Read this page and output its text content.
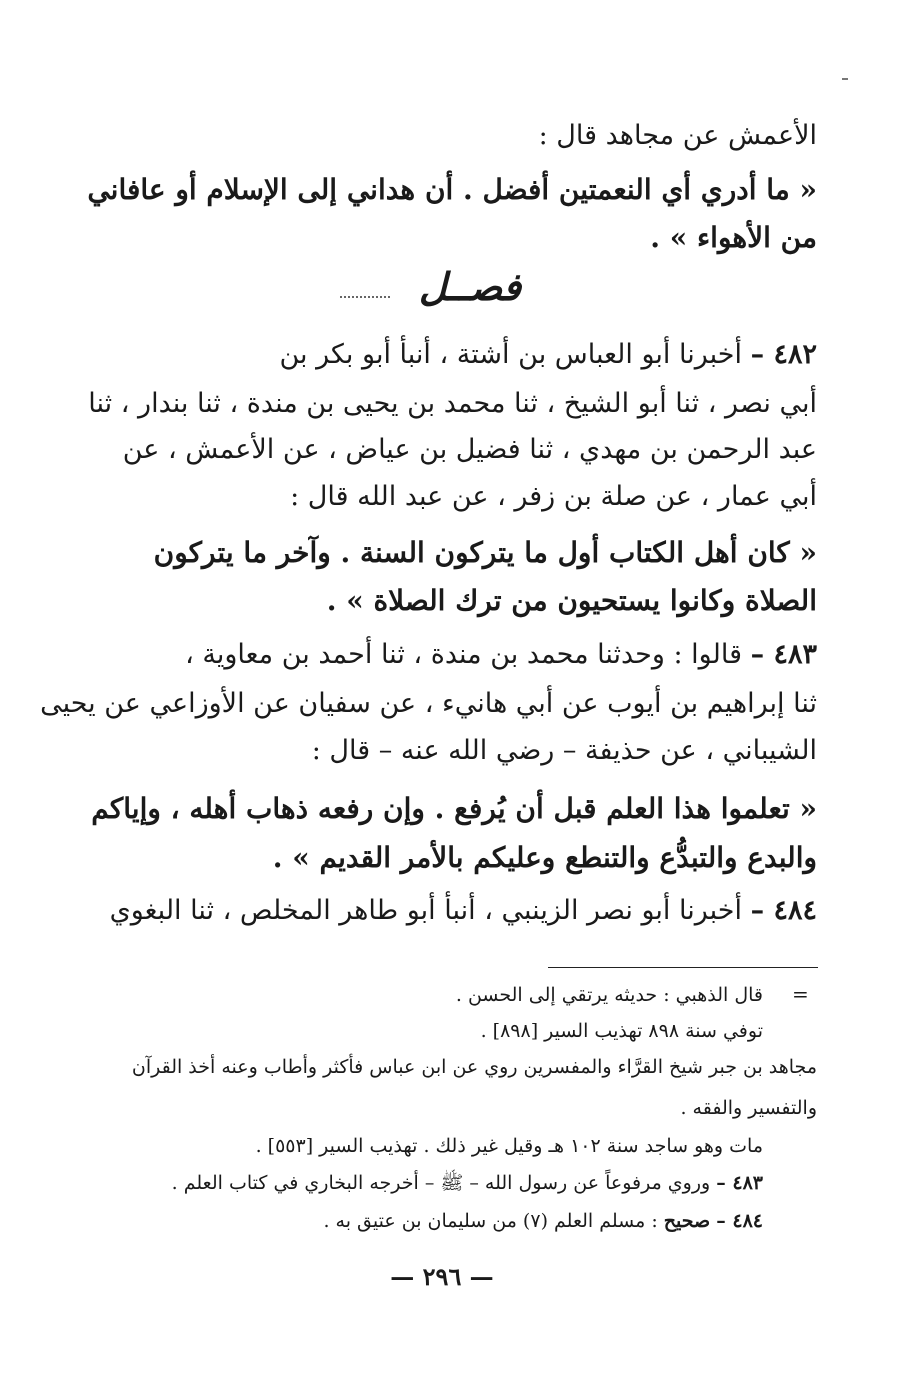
الأعمش عن مجاهد قال :
« ما أدري أي النعمتين أفضل . أن هداني إلى الإسلام أو عافاني
من الأهواء » .
فصــل
٤٨٢ – أخبرنا أبو العباس بن أشتة ، أنبأ أبو بكر بن
أبي نصر ، ثنا أبو الشيخ ، ثنا محمد بن يحيى بن مندة ، ثنا بندار ، ثنا
عبد الرحمن بن مهدي ، ثنا فضيل بن عياض ، عن الأعمش ، عن
أبي عمار ، عن صلة بن زفر ، عن عبد الله قال :
« كان أهل الكتاب أول ما يتركون السنة . وآخر ما يتركون
الصلاة وكانوا يستحيون من ترك الصلاة » .
٤٨٣ – قالوا : وحدثنا محمد بن مندة ، ثنا أحمد بن معاوية ،
ثنا إبراهيم بن أيوب عن أبي هانيء ، عن سفيان عن الأوزاعي عن يحيى
الشيباني ، عن حذيفة – رضي الله عنه – قال :
« تعلموا هذا العلم قبل أن يُرفع . وإن رفعه ذهاب أهله ، وإياكم
والبدع والتبدُّع والتنطع وعليكم بالأمر القديم » .
٤٨٤ – أخبرنا أبو نصر الزينبي ، أنبأ أبو طاهر المخلص ، ثنا البغوي
=
قال الذهبي : حديثه يرتقي إلى الحسن .
توفي سنة ٨٩٨ تهذيب السير [٨٩٨] .
مجاهد بن جبر شيخ القرَّاء والمفسرين روي عن ابن عباس فأكثر وأطاب وعنه أخذ القرآن
والتفسير والفقه .
مات وهو ساجد سنة ١٠٢ هـ وقيل غير ذلك . تهذيب السير [٥٥٣] .
٤٨٣ – وروي مرفوعاً عن رسول الله – ﷺ – أخرجه البخاري في كتاب العلم .
٤٨٤ – صحيح : مسلم العلم (٧) من سليمان بن عتيق به .
— ٢٩٦ —
